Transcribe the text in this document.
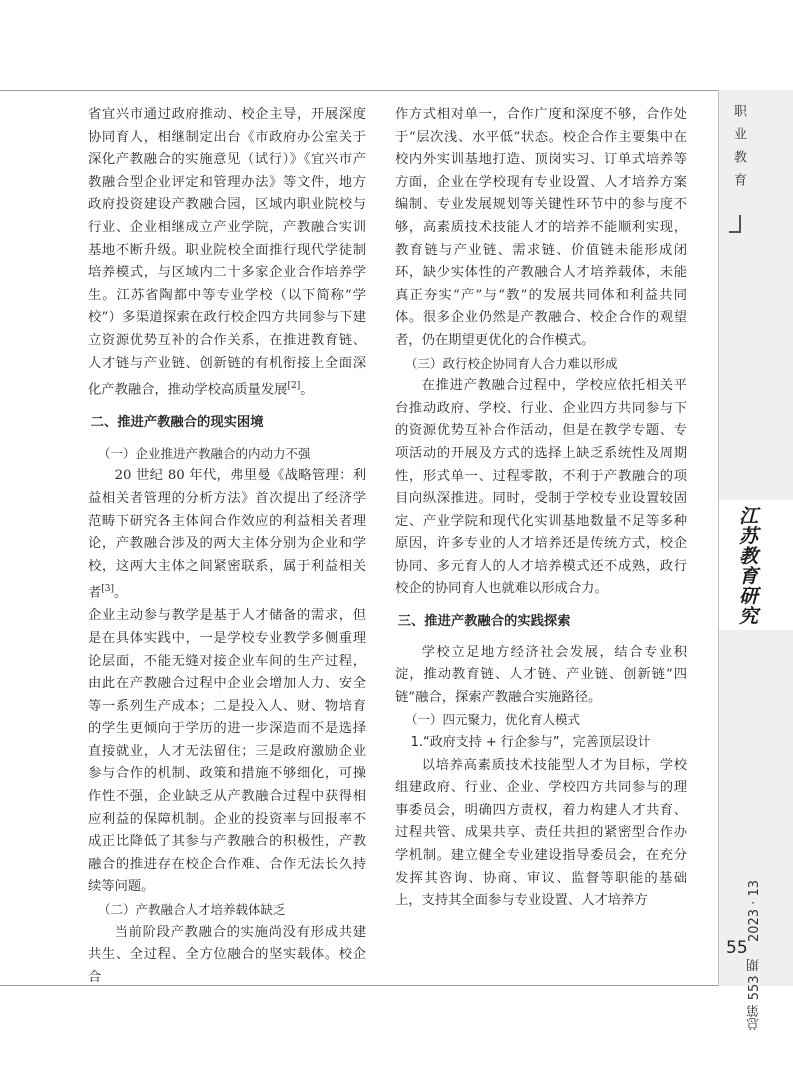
职业教育
江苏教育研究
总第 553 期  2023 · 13
55

省宜兴市通过政府推动、校企主导，开展深度协同育人，相继制定出台《市政府办公室关于深化产教融合的实施意见（试行）》《宜兴市产教融合型企业评定和管理办法》等文件，地方政府投资建设产教融合园，区域内职业院校与行业、企业相继成立产业学院，产教融合实训基地不断升级。职业院校全面推行现代学徒制培养模式，与区域内二十多家企业合作培养学生。江苏省陶都中等专业学校（以下简称“学校”）多渠道探索在政行校企四方共同参与下建立资源优势互补的合作关系，在推进教育链、人才链与产业链、创新链的有机衔接上全面深化产教融合，推动学校高质量发展[2]。

二、推进产教融合的现实困境
（一）企业推进产教融合的内动力不强

20 世纪 80 年代，弗里曼《战略管理：利益相关者管理的分析方法》首次提出了经济学范畴下研究各主体间合作效应的利益相关者理论，产教融合涉及的两大主体分别为企业和学校，这两大主体之间紧密联系，属于利益相关者[3]。

企业主动参与教学是基于人才储备的需求，但是在具体实践中，一是学校专业教学多侧重理论层面，不能无缝对接企业车间的生产过程，由此在产教融合过程中企业会增加人力、安全等一系列生产成本；二是投入人、财、物培育的学生更倾向于学历的进一步深造而不是选择直接就业，人才无法留住；三是政府激励企业参与合作的机制、政策和措施不够细化，可操作性不强，企业缺乏从产教融合过程中获得相应利益的保障机制。企业的投资率与回报率不成正比降低了其参与产教融合的积极性，产教融合的推进存在校企合作难、合作无法长久持续等问题。

（二）产教融合人才培养载体缺乏

当前阶段产教融合的实施尚没有形成共建共生、全过程、全方位融合的坚实载体。校企合

作方式相对单一，合作广度和深度不够，合作处于“层次浅、水平低”状态。校企合作主要集中在校内外实训基地打造、顶岗实习、订单式培养等方面，企业在学校现有专业设置、人才培养方案编制、专业发展规划等关键性环节中的参与度不够，高素质技术技能人才的培养不能顺利实现，教育链与产业链、需求链、价值链未能形成闭环，缺少实体性的产教融合人才培养载体，未能真正夯实“产”与“教”的发展共同体和利益共同体。很多企业仍然是产教融合、校企合作的观望者，仍在期望更优化的合作模式。

（三）政行校企协同育人合力难以形成

在推进产教融合过程中，学校应依托相关平台推动政府、学校、行业、企业四方共同参与下的资源优势互补合作活动，但是在教学专题、专项活动的开展及方式的选择上缺乏系统性及周期性，形式单一、过程零散，不利于产教融合的项目向纵深推进。同时，受制于学校专业设置较固定、产业学院和现代化实训基地数量不足等多种原因，许多专业的人才培养还是传统方式，校企协同、多元育人的人才培养模式还不成熟，政行校企的协同育人也就难以形成合力。

三、推进产教融合的实践探索

学校立足地方经济社会发展，结合专业积淀，推动教育链、人才链、产业链、创新链“四链”融合，探索产教融合实施路径。

（一）四元聚力，优化育人模式
1.“政府支持 + 行企参与”，完善顶层设计

以培养高素质技术技能型人才为目标，学校组建政府、行业、企业、学校四方共同参与的理事委员会，明确四方责权，着力构建人才共育、过程共管、成果共享、责任共担的紧密型合作办学机制。建立健全专业建设指导委员会，在充分发挥其咨询、协商、审议、监督等职能的基础上，支持其全面参与专业设置、人才培养方
